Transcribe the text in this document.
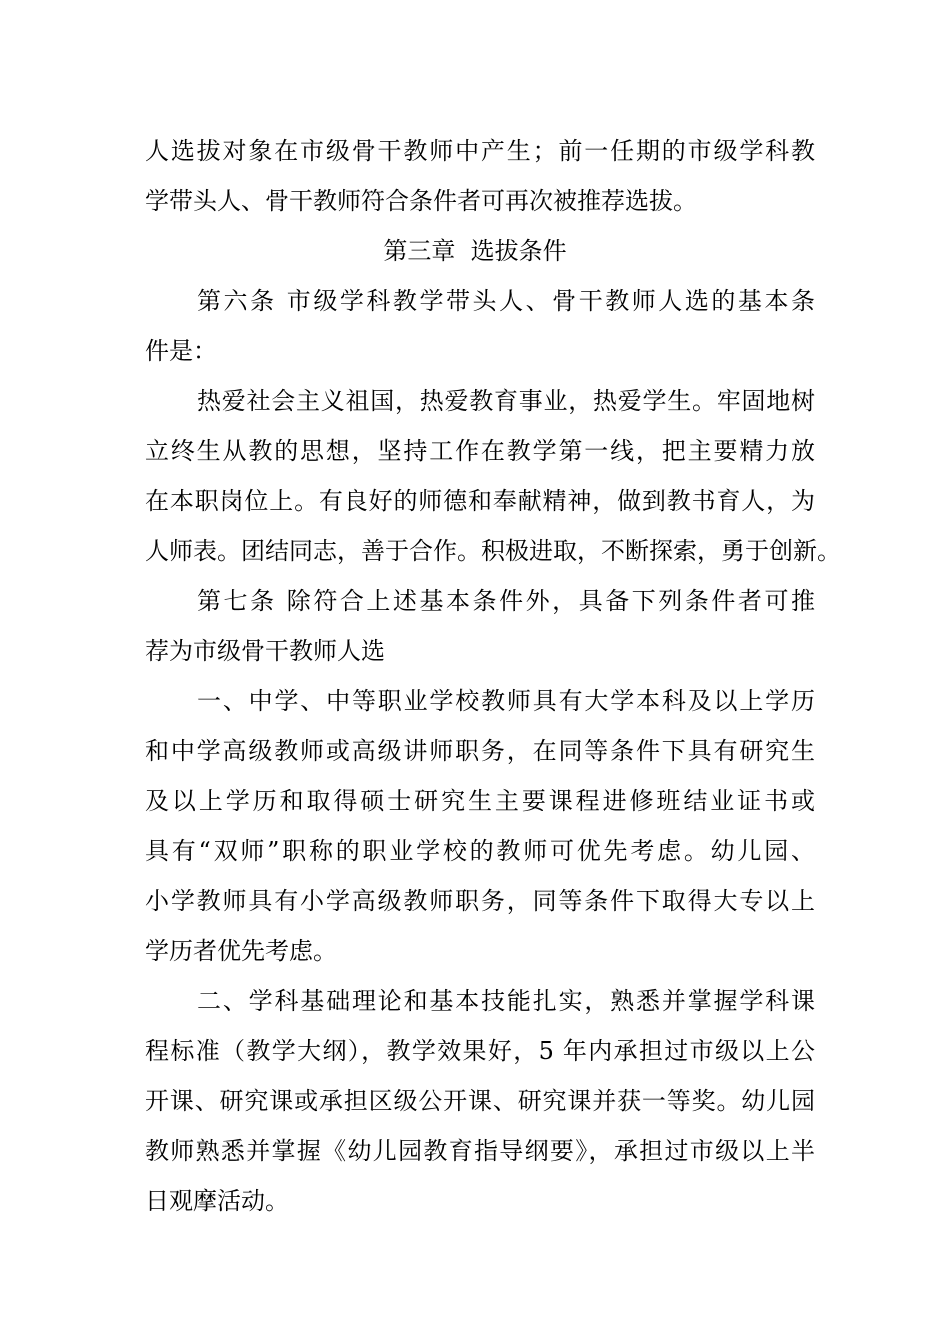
人选拔对象在市级骨干教师中产生；前一任期的市级学科教
学带头人、骨干教师符合条件者可再次被推荐选拔。
第三章  选拔条件
第六条 市级学科教学带头人、骨干教师人选的基本条
件是：
热爱社会主义祖国，热爱教育事业，热爱学生。牢固地树
立终生从教的思想，坚持工作在教学第一线，把主要精力放
在本职岗位上。有良好的师德和奉献精神，做到教书育人，为
人师表。团结同志，善于合作。积极进取，不断探索，勇于创新。
第七条 除符合上述基本条件外，具备下列条件者可推
荐为市级骨干教师人选
一、中学、中等职业学校教师具有大学本科及以上学历
和中学高级教师或高级讲师职务，在同等条件下具有研究生
及以上学历和取得硕士研究生主要课程进修班结业证书或
具有“双师”职称的职业学校的教师可优先考虑。幼儿园、
小学教师具有小学高级教师职务，同等条件下取得大专以上
学历者优先考虑。
二、学科基础理论和基本技能扎实，熟悉并掌握学科课
程标准（教学大纲），教学效果好，5 年内承担过市级以上公
开课、研究课或承担区级公开课、研究课并获一等奖。幼儿园
教师熟悉并掌握《幼儿园教育指导纲要》，承担过市级以上半
日观摩活动。
